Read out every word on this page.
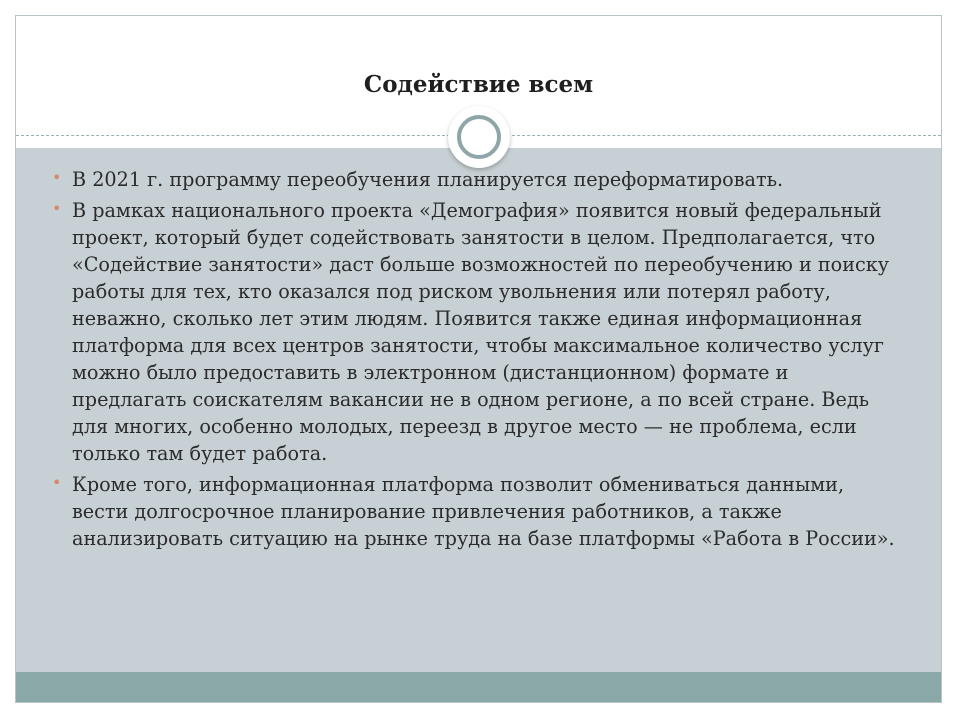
Содействие всем
• В 2021 г. программу переобучения планируется переформатировать.
• В рамках национального проекта «Демография» появится новый федеральный проект, который будет содействовать занятости в целом. Предполагается, что «Содействие занятости» даст больше возможностей по переобучению и поиску работы для тех, кто оказался под риском увольнения или потерял работу, неважно, сколько лет этим людям. Появится также единая информационная платформа для всех центров занятости, чтобы максимальное количество услуг можно было предоставить в электронном (дистанционном) формате и предлагать соискателям вакансии не в одном регионе, а по всей стране. Ведь для многих, особенно молодых, переезд в другое место — не проблема, если только там будет работа.
• Кроме того, информационная платформа позволит обмениваться данными, вести долгосрочное планирование привлечения работников, а также анализировать ситуацию на рынке труда на базе платформы «Работа в России».
